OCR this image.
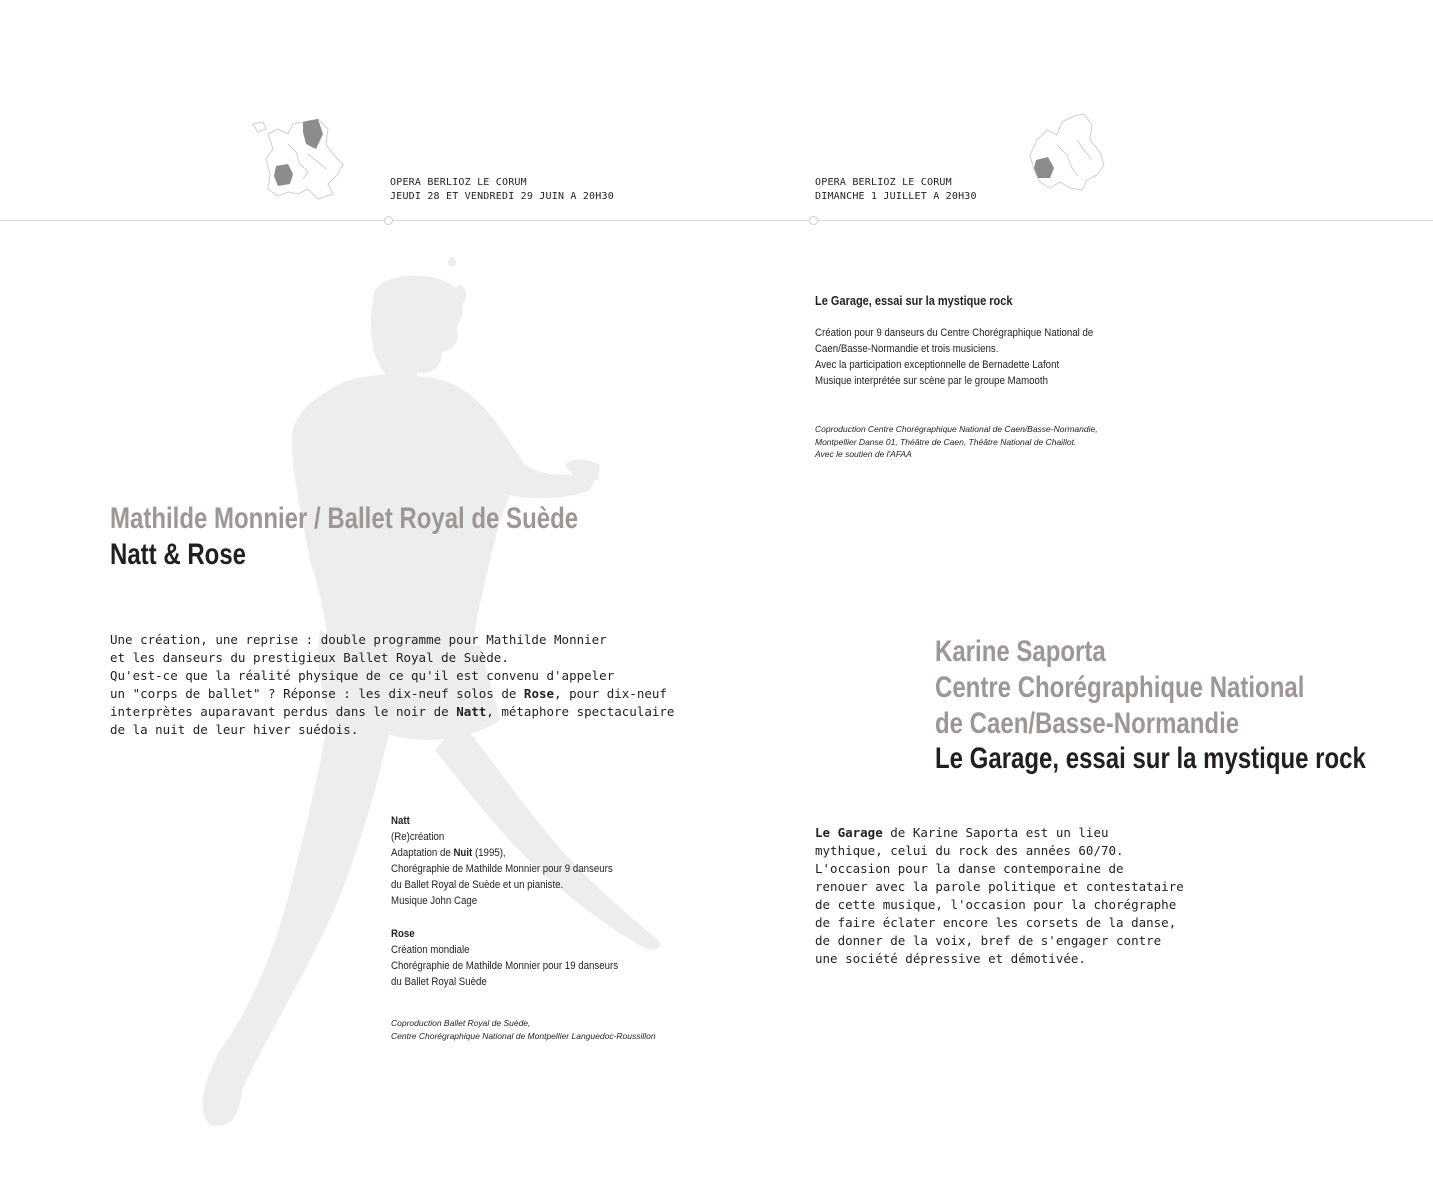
OPERA BERLIOZ LE CORUM
JEUDI 28 ET VENDREDI 29 JUIN A 20H30
OPERA BERLIOZ LE CORUM
DIMANCHE 1 JUILLET A 20H30
Mathilde Monnier / Ballet Royal de Suède
Natt & Rose
Une création, une reprise : double programme pour Mathilde Monnier
et les danseurs du prestigieux Ballet Royal de Suède.
Qu'est-ce que la réalité physique de ce qu'il est convenu d'appeler
un "corps de ballet" ? Réponse : les dix-neuf solos de Rose, pour dix-neuf
interprètes auparavant perdus dans le noir de Natt, métaphore spectaculaire
de la nuit de leur hiver suédois.
Natt
(Re)création
Adaptation de Nuit (1995),
Chorégraphie de Mathilde Monnier pour 9 danseurs
du Ballet Royal de Suède et un pianiste.
Musique John Cage
Rose
Création mondiale
Chorégraphie de Mathilde Monnier pour 19 danseurs
du Ballet Royal Suède
Coproduction Ballet Royal de Suède,
Centre Chorégraphique National de Montpellier Languedoc-Roussillon
Le Garage, essai sur la mystique rock
Création pour 9 danseurs du Centre Chorégraphique National de
Caen/Basse-Normandie et trois musiciens.
Avec la participation exceptionnelle de Bernadette Lafont
Musique interprétée sur scène par le groupe Mamooth
Coproduction Centre Chorégraphique National de Caen/Basse-Normandie,
Montpellier Danse 01, Théâtre de Caen, Théâtre National de Chaillot.
Avec le soutien de l'AFAA
Karine Saporta
Centre Chorégraphique National
de Caen/Basse-Normandie
Le Garage, essai sur la mystique rock
Le Garage de Karine Saporta est un lieu
mythique, celui du rock des années 60/70.
L'occasion pour la danse contemporaine de
renouer avec la parole politique et contestataire
de cette musique, l'occasion pour la chorégraphe
de faire éclater encore les corsets de la danse,
de donner de la voix, bref de s'engager contre
une société dépressive et démotivée.
